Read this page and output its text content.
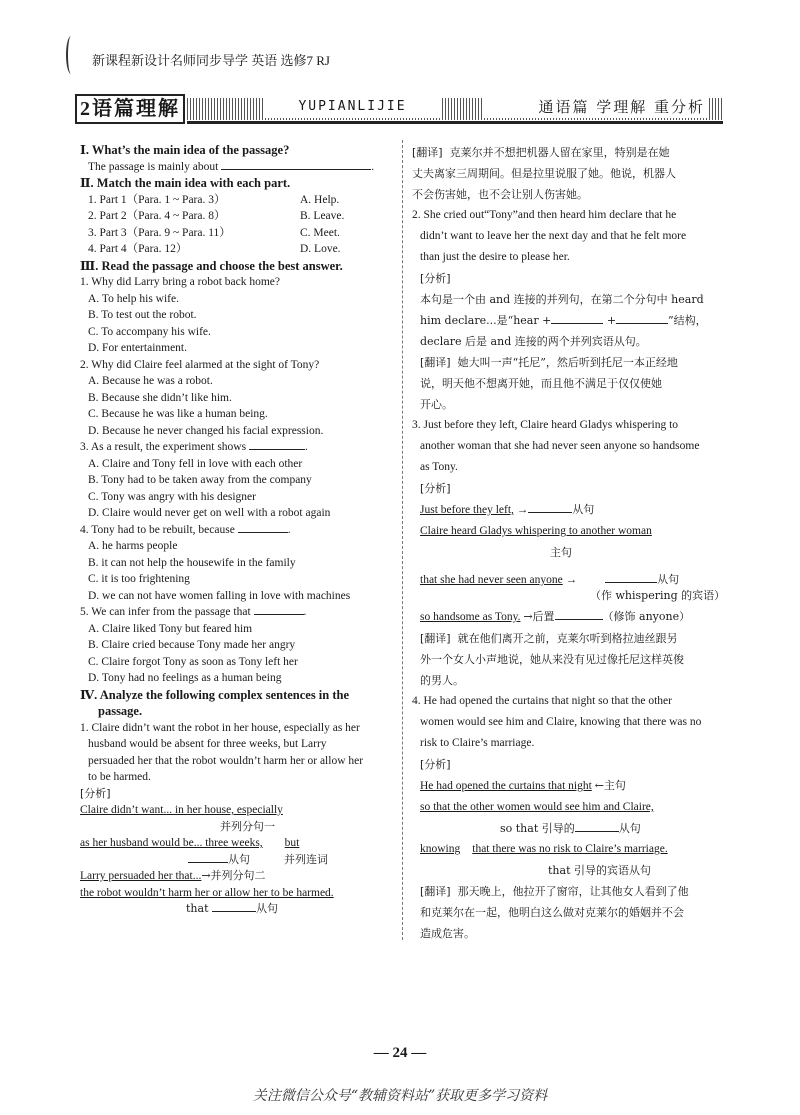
新课程新设计名师同步导学 英语 选修7 RJ
2语篇理解	YUPIANLIJIE	通语篇 学理解 重分析
Ⅰ. What’s the main idea of the passage?
The passage is mainly about	.
Ⅱ. Match the main idea with each part.
1. Part 1（Para. 1 ~ Para. 3）	A. Help.
2. Part 2（Para. 4 ~ Para. 8）	B. Leave.
3. Part 3（Para. 9 ~ Para. 11）	C. Meet.
4. Part 4（Para. 12）	D. Love.
Ⅲ. Read the passage and choose the best answer.
1. Why did Larry bring a robot back home?
A. To help his wife.
B. To test out the robot.
C. To accompany his wife.
D. For entertainment.
2. Why did Claire feel alarmed at the sight of Tony?
A. Because he was a robot.
B. Because she didn’t like him.
C. Because he was like a human being.
D. Because he never changed his facial expression.
3. As a result, the experiment shows	.
A. Claire and Tony fell in love with each other
B. Tony had to be taken away from the company
C. Tony was angry with his designer
D. Claire would never get on well with a robot again
4. Tony had to be rebuilt, because	.
A. he harms people
B. it can not help the housewife in the family
C. it is too frightening
D. we can not have women falling in love with machines
5. We can infer from the passage that	.
A. Claire liked Tony but feared him
B. Claire cried because Tony made her angry
C. Claire forgot Tony as soon as Tony left her
D. Tony had no feelings as a human being
Ⅳ. Analyze the following complex sentences in the
passage.
1. Claire didn’t want the robot in her house, especially as her
husband would be absent for three weeks, but Larry
persuaded her that the robot wouldn’t harm her or allow her
to be harmed.
[分析]
Claire didn’t want... in her house, especially
并列分句一
as her husband would be... three weeks, but
从句	并列连词
Larry persuaded her that...→并列分句二
the robot wouldn’t harm her or allow her to be harmed.
that	从句
[翻译] 克莱尔并不想把机器人留在家里，特别是在她
丈夫离家三周期间。但是拉里说服了她。他说，机器人
不会伤害她，也不会让别人伤害她。
2. She cried out“Tony”and then heard him declare that he
didn’t want to leave her the next day and that he felt more
than just the desire to please her.
[分析]
本句是一个由 and 连接的并列句，在第二个分句中 heard
him declare...是“hear +	+	”结构，
declare 后是 and 连接的两个并列宾语从句。
[翻译] 她大叫一声“托尼”，然后听到托尼一本正经地
说，明天他不想离开她，而且他不满足于仅仅使她
开心。
3. Just before they left, Claire heard Gladys whispering to
another woman that she had never seen anyone so handsome
as Tony.
[分析]
Just before they left, →	从句
Claire heard Gladys whispering to another woman
主句
that she had never seen anyone →	从句
（作 whispering 的宾语）
so handsome as Tony. →后置	（修饰 anyone）
[翻译] 就在他们离开之前，克莱尔听到格拉迪丝跟另
外一个女人小声地说，她从来没有见过像托尼这样英俊
的男人。
4. He had opened the curtains that night so that the other
women would see him and Claire, knowing that there was no
risk to Claire’s marriage.
[分析]
He had opened the curtains that night ←主句
so that the other women would see him and Claire,
so that 引导的	从句
knowing that there was no risk to Claire’s marriage.
that 引导的宾语从句
[翻译] 那天晚上，他拉开了窗帘，让其他女人看到了他
和克莱尔在一起，他明白这么做对克莱尔的婚姻并不会
造成危害。
— 24 —
关注微信公众号“教辅资料站”获取更多学习资料
